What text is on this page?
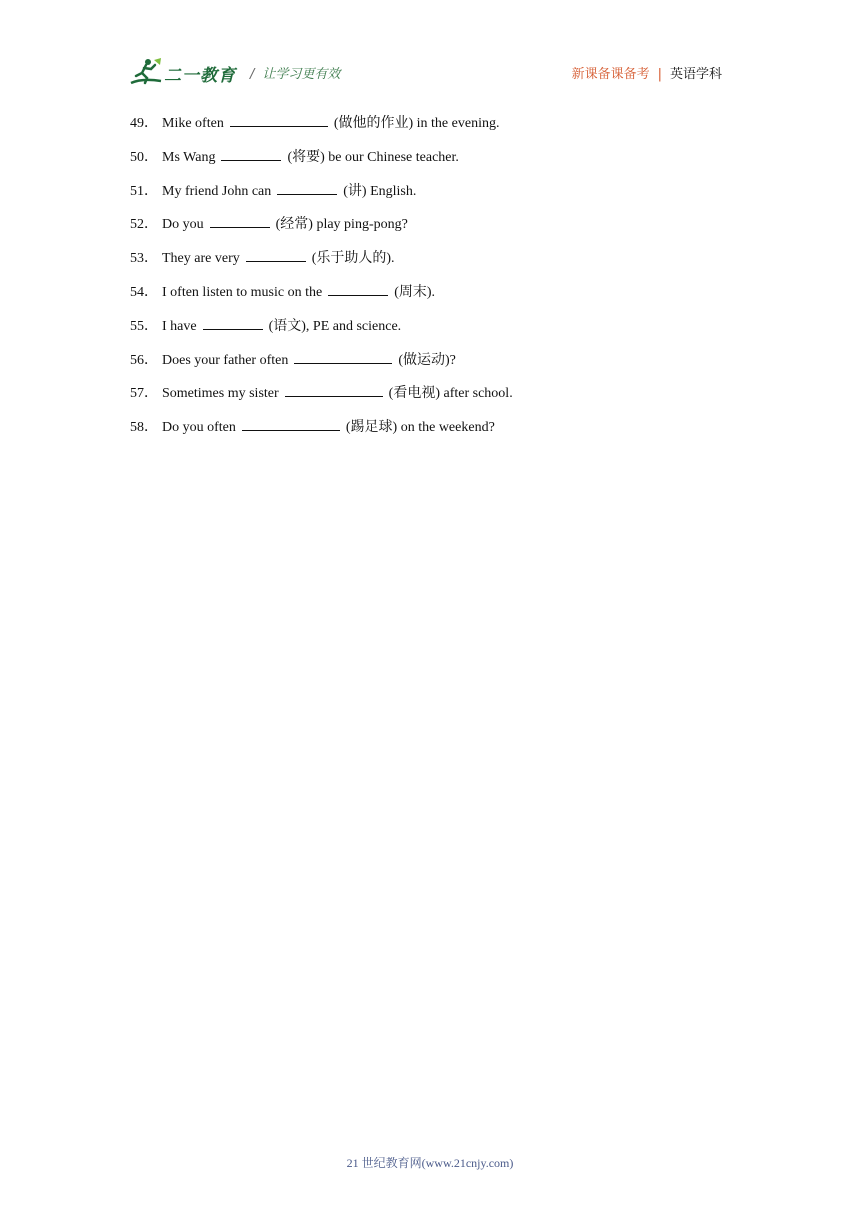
二一教育 / 让学习更有效	新课备课备考 | 英语学科
49． Mike often	(做他的作业) in the evening.
50． Ms Wang	(将要) be our Chinese teacher.
51． My friend John can	(讲) English.
52． Do you	(经常) play ping-pong?
53． They are very	(乐于助人的).
54． I often listen to music on the	(周末).
55． I have	(语文), PE and science.
56． Does your father often	(做运动)?
57． Sometimes my sister	(看电视) after school.
58． Do you often	(踢足球) on the weekend?
21 世纪教育网(www.21cnjy.com)
